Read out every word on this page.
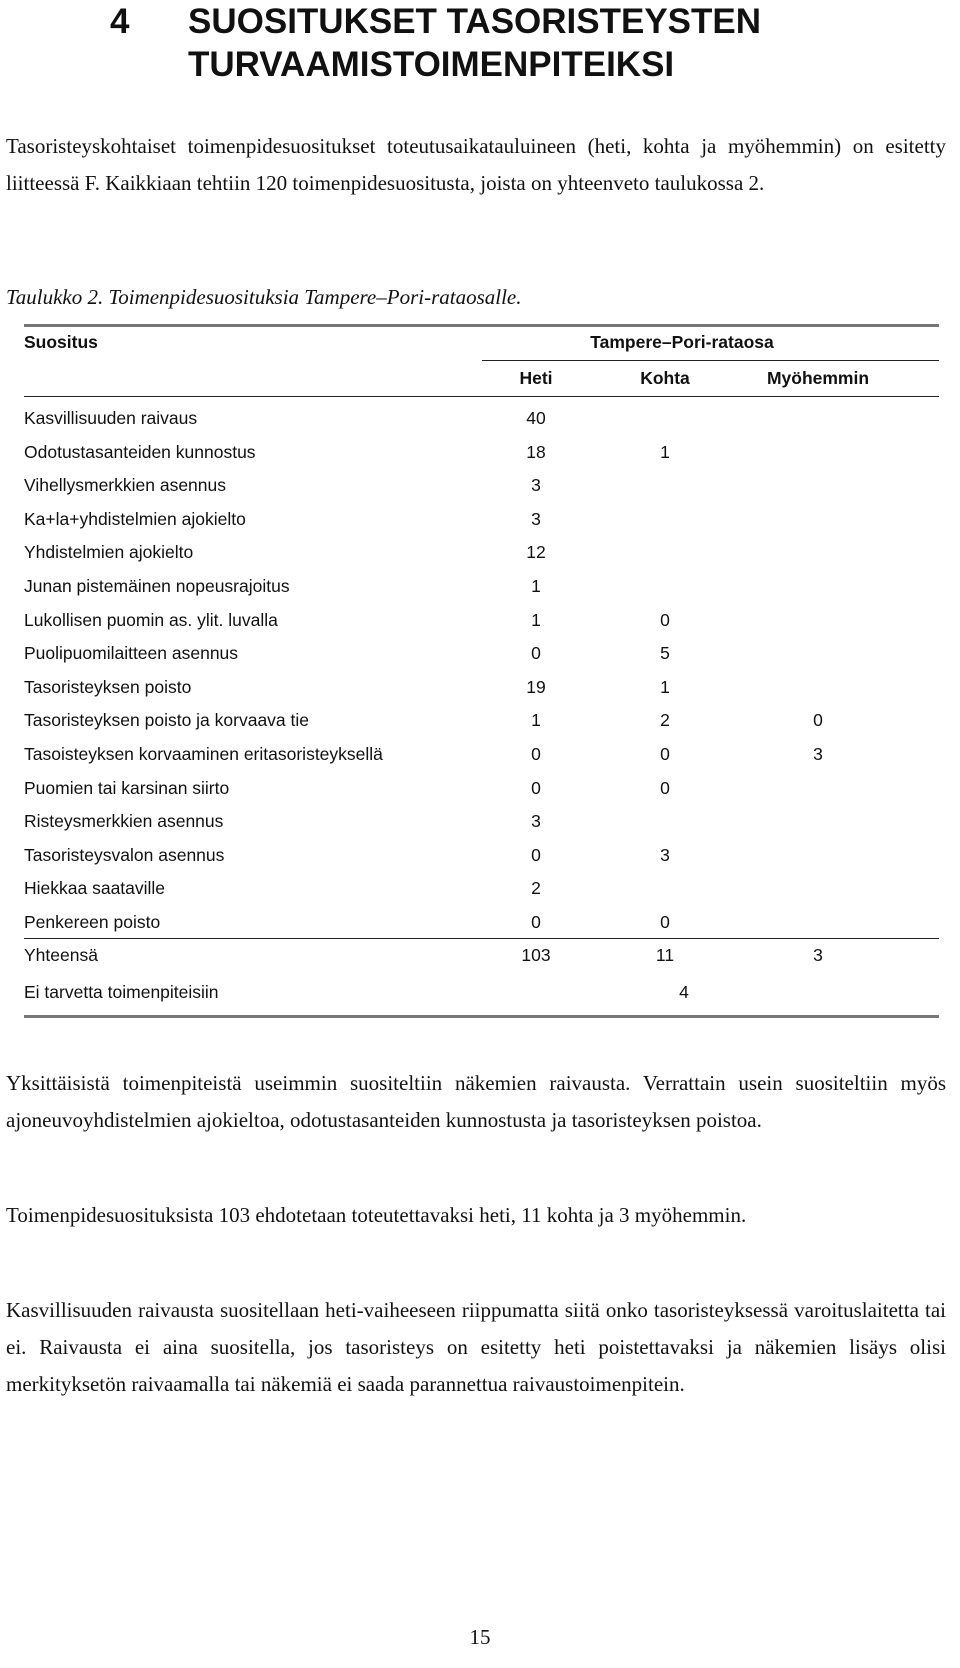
4 SUOSITUKSET TASORISTEYSTEN TURVAAMISTOIMENPITEIKSI
Tasoristeyskohtaiset toimenpidesuositukset toteutusaikatauluineen (heti, kohta ja myöhemmin) on esitetty liitteessä F. Kaikkiaan tehtiin 120 toimenpidesuositusta, joista on yhteenveto taulukossa 2.
Taulukko 2. Toimenpidesuosituksia Tampere–Pori-rataosalle.
Suositus	Tampere–Pori-rataosa
Heti	Kohta	Myöhemmin
Kasvillisuuden raivaus	40
Odotustasanteiden kunnostus	18	1
Vihellysmerkkien asennus	3
Ka+la+yhdistelmien ajokielto	3
Yhdistelmien ajokielto	12
Junan pistemäinen nopeusrajoitus	1
Lukollisen puomin as. ylit. luvalla	1	0
Puolipuomilaitteen asennus	0	5
Tasoristeyksen poisto	19	1
Tasoristeyksen poisto ja korvaava tie	1	2	0
Tasoisteyksen korvaaminen eritasoristeyksellä	0	0	3
Puomien tai karsinan siirto	0	0
Risteysmerkkien asennus	3
Tasoristeysvalon asennus	0	3
Hiekkaa saataville	2
Penkereen poisto	0	0
Yhteensä	103	11	3
Ei tarvetta toimenpiteisiin	4
Yksittäisistä toimenpiteistä useimmin suositeltiin näkemien raivausta. Verrattain usein suositeltiin myös ajoneuvoyhdistelmien ajokieltoa, odotustasanteiden kunnostusta ja tasoristeyksen poistoa.
Toimenpidesuosituksista 103 ehdotetaan toteutettavaksi heti, 11 kohta ja 3 myöhemmin.
Kasvillisuuden raivausta suositellaan heti-vaiheeseen riippumatta siitä onko tasoristeyksessä varoituslaitetta tai ei. Raivausta ei aina suositella, jos tasoristeys on esitetty heti poistettavaksi ja näkemien lisäys olisi merkityksetön raivaamalla tai näkemiä ei saada parannettua raivaustoimenpitein.
15
